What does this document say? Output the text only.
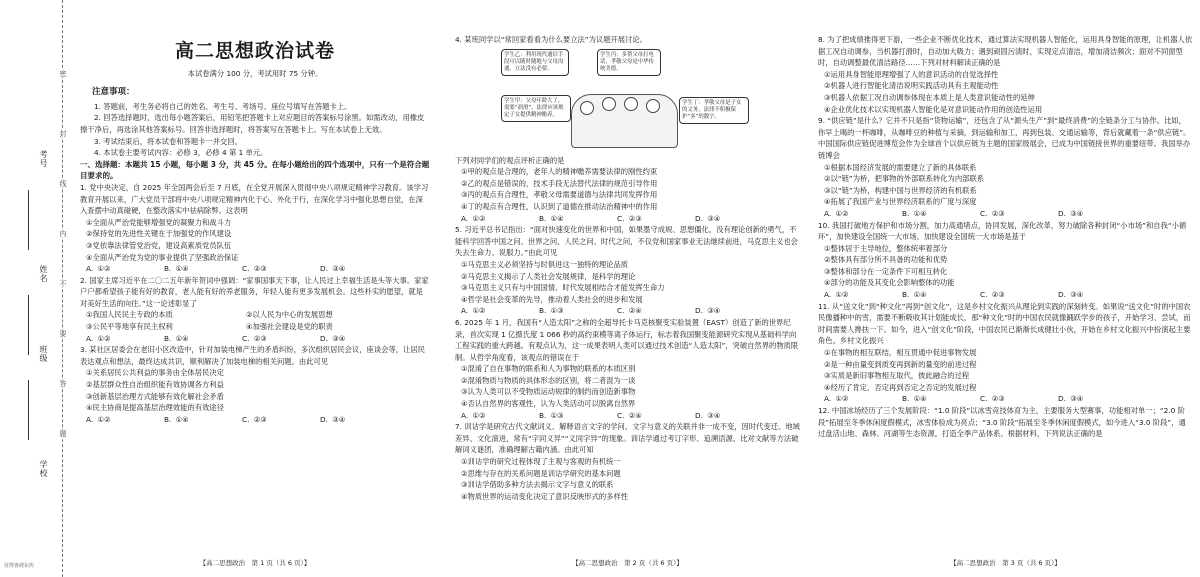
考号
姓名
班级
学校
密
封
线
内
不
要
答
题
征得客坡东传
高二思想政治试卷
本试卷满分 100 分，考试用时 75 分钟。
注意事项：

1. 答题前，考生务必将自己的姓名、考生号、考场号、座位号填写在答题卡上。

2. 回答选择题时，选出每小题答案后，用铅笔把答题卡上对应题目的答案标号涂黑。如需改动，用橡皮擦干净后，再选涂其他答案标号。回答非选择题时，将答案写在答题卡上。写在本试卷上无效。

3. 考试结束后，将本试卷和答题卡一并交回。

4. 本试卷主要考试内容：必修 3，必修 4 第 1 单元。

一、选择题：本题共 15 小题，每小题 3 分，共 45 分。在每小题给出的四个选项中，只有一个是符合题目要求的。

1. 党中央决定，自 2025 年全国两会后至 7 月底，在全党开展深入贯彻中央八项规定精神学习教育。该学习教育开展以来，广大党员干部将中央八项规定精神内化于心、外化于行，在深化学习中强化思想自觉，在深入查摆中动真碰硬，在整改落实中祛病除弊。这表明

①全面从严治党能够增强党的凝聚力和战斗力

②保持党的先进性关键在于加强党的作风建设

③党依靠法律管党治党，建设高素质党员队伍

④全面从严治党为党的事业提供了坚强政治保证

A. ①②	B. ①④	C. ②③	D. ③④

2. 国家主席习近平在二〇二五年新年贺词中强调：“家事国事天下事，让人民过上幸福生活是头等大事。家家户户都希望孩子能有好的教育，老人能有好的养老服务，年轻人能有更多发展机会。这些朴实的愿望，就是对美好生活的向往。”这一论述彰显了

①我国人民民主专政的本质	②以人民为中心的发展思想

③公民平等地享有民主权利	④加强社会建设是党的职责

A. ①②	B. ①④	C. ②③	D. ③④

3. 某社区居委会在老旧小区改造中，针对加装电梯产生的矛盾纠纷，多次组织居民会议，座谈会等，让居民表达观点和想法，最终达成共识，顺利解决了加装电梯的相关问题。由此可见

①关系居民公共利益的事务由全体居民决定

②基层群众性自治组织能有效协调各方利益

③创新基层治理方式能够有效化解社会矛盾

④民主协商是提高基层治理效能的有效途径

A. ①②	B. ①④	C. ②③	D. ③④

【高二思想政治　第 1 页（共 6 页）】

4. 某班同学以“常回家看看为什么要立法”为议题开展讨论。

学生乙：利用现代通信手段可以随时随地与父母沟通，立法没有必要。
学生丙：多帮父母打电话，孝敬父母是中华传统美德。
学生甲：父母年龄大了，需要“润滑”，法律应该规定子女提供精神赡养。
学生丁：孝敬父母是子女的义务，法律不积极保护“多”的数字。

下列对同学们的观点评析正确的是

①甲的观点是合理的，老年人的精神赡养需要法律的刚性约束

②乙的观点是错误的，技术手段无法替代法律的规范引导作用

③丙的观点有合理性，孝敬父母需要道德与法律共同发挥作用

④丁的观点有合理性，认识到了道德在推动法治精神中的作用

A. ①②	B. ①④	C. ②③	D. ③④

5. 习近平总书记指出：“面对快速变化的世界和中国，如果墨守成规、思想僵化，没有理论创新的勇气，不能科学回答中国之问、世界之问、人民之问、时代之问，不仅党和国家事业无法继续前进，马克思主义也会失去生命力、说服力。”由此可见

①马克思主义必须坚持与时俱进这一独特的理论品质

②马克思主义揭示了人类社会发展规律，是科学的理论

③马克思主义只有与中国国情、时代发展相结合才能发挥生命力

④哲学是社会变革的先导，推动着人类社会的进步和发展

A. ①②	B. ①③	C. ②④	D. ③④

6. 2025 年 1 月，我国有“人造太阳”之称的全超导托卡马克核聚变实验装置（EAST）创造了新的世界纪录，首次实现 1 亿摄氏度 1 066 秒的高约束模等离子体运行，标志着我国聚变能源研究实现从基础科学向工程实践的重大跨越。有观点认为，这一成果表明人类可以通过技术创造“人造太阳”，突破自然界的物质限制。从哲学角度看，该观点的错误在于

①混淆了自在事物的联系和人为事物的联系的本质区别

②混淆物质与物质的具体形态的区别，将二者混为一谈

③认为人类可以不受物质运动规律的制约而创造新事物

④否认自然界的客观性，认为人类活动可以脱离自然界

A. ①②	B. ①③	C. ②④	D. ③④

7. 训诂学是研究古代文献词义、解释语言文字的学问。文字与意义的关联并非一成不变，因时代变迁、地域差异、文化演进，常有“字同义异”“义同字异”的现象。训诂学通过考订字形、追溯语源、比对文献等方法破解词义谜团，准确理解古籍内涵。由此可知

①训诂学的研究过程体现了主观与客观的有机统一

②思维与存在的关系问题是训诂学研究的基本问题

③训诂学借助多种方法去揭示文字与意义的联系

④物质世界的运动变化决定了意识反映形式的多样性

【高二思想政治　第 2 页（共 6 页）】

8. 为了把成绩推得更下游，一些企业不断优化技术，通过算法实现机器人智能化，运用具身智能的原理，让机器人依据工况自动调参，当机器打滑时，自动加大吸力；遇到顽固污渍时，实现定点清洁，增加清洁频次；面对不同窗型时，自动调整最优清洁路径……下列对材料解读正确的是

①运用具身智能原理增强了人的意识活动的自觉选择性

②机器人进行智能化清洁说明实践活动具有主观能动性

③机器人依据工况自动调参体现在本质上是人类意识能动性的延伸

④企业优化技术以实现机器人智能化是对意识能动作用的创造性运用

9. “供应链”是什么？它并不只是指“货物运输”，还包含了从“源头生产”到“最终消费”的全链条分工与协作。比如，你早上喝的一杯咖啡，从咖啡豆的种植与采摘，到运输和加工，再到包装、交通运输等，背后就藏着一条“供应链”。中国国际供应链促进博览会作为全球首个以供应链为主题的国家级展会，已成为中国链接世界的重要纽带。我国举办链博会

①根据本国经济发展的需要建立了新的具体联系

②以“链”为桥，把事物的外部联系转化为内部联系

③以“链”为桥，构建中国与世界经济的有机联系

④拓展了我国产业与世界经济联系的广度与深度

A. ①②	B. ①④	C. ②③	D. ③④

10. 我国打破地方保护和市场分割，加力高通堵点，协同发展，深化改革，努力破除各种封闭“小市场”和自我“小循环”，加快建设全国统一大市场。加快建设全国统一大市场是基于

①整体居于主导地位，整体统率着部分

②整体具有部分所不具备的功能和优势

③整体和部分在一定条件下可相互转化

④部分的功能及其变化会影响整体的功能

A. ①②	B. ①④	C. ②③	D. ③④

11. 从“送文化”到“种文化”再到“创文化”，这是乡村文化振兴从理论到实践的深刻转变。如果说“送文化”时的中国农民像播种中的雪，需要不断吸收其计划能成长，那“种文化”时的中国农民就像踊跃学步的孩子，开始学习、尝试，而时间需要人搀扶一下。如今，进入“创文化”阶段，中国农民已渐渐长成健壮小伙，开始在乡村文化振兴中扮演起主要角色。乡村文化振兴

①在事物的相互联结，相互贯通中促进事物发展

②是一种由量变到质变再到新的量变的前进过程

③实质是新旧事物相互取代，彼此融合的过程

④经历了肯定、否定再到否定之否定的发展过程

A. ①②	B. ①④	C. ②③	D. ③④

12. 中国冰场经历了三个发展阶段：“1.0 阶段”以冰雪竞技体育为主，主要服务大型赛事，功能相对单一；“2.0 阶段”拓展至冬季休闲度假模式，冰雪体验成为亮点；“3.0 阶段”拓展至冬季休闲度假模式，如今进入“3.0 阶段”，通过盘活山地、森林、河湖等生态资源，打造全季产品体系。根据材料，下列说法正确的是

【高二思想政治　第 3 页（共 6 页）】
